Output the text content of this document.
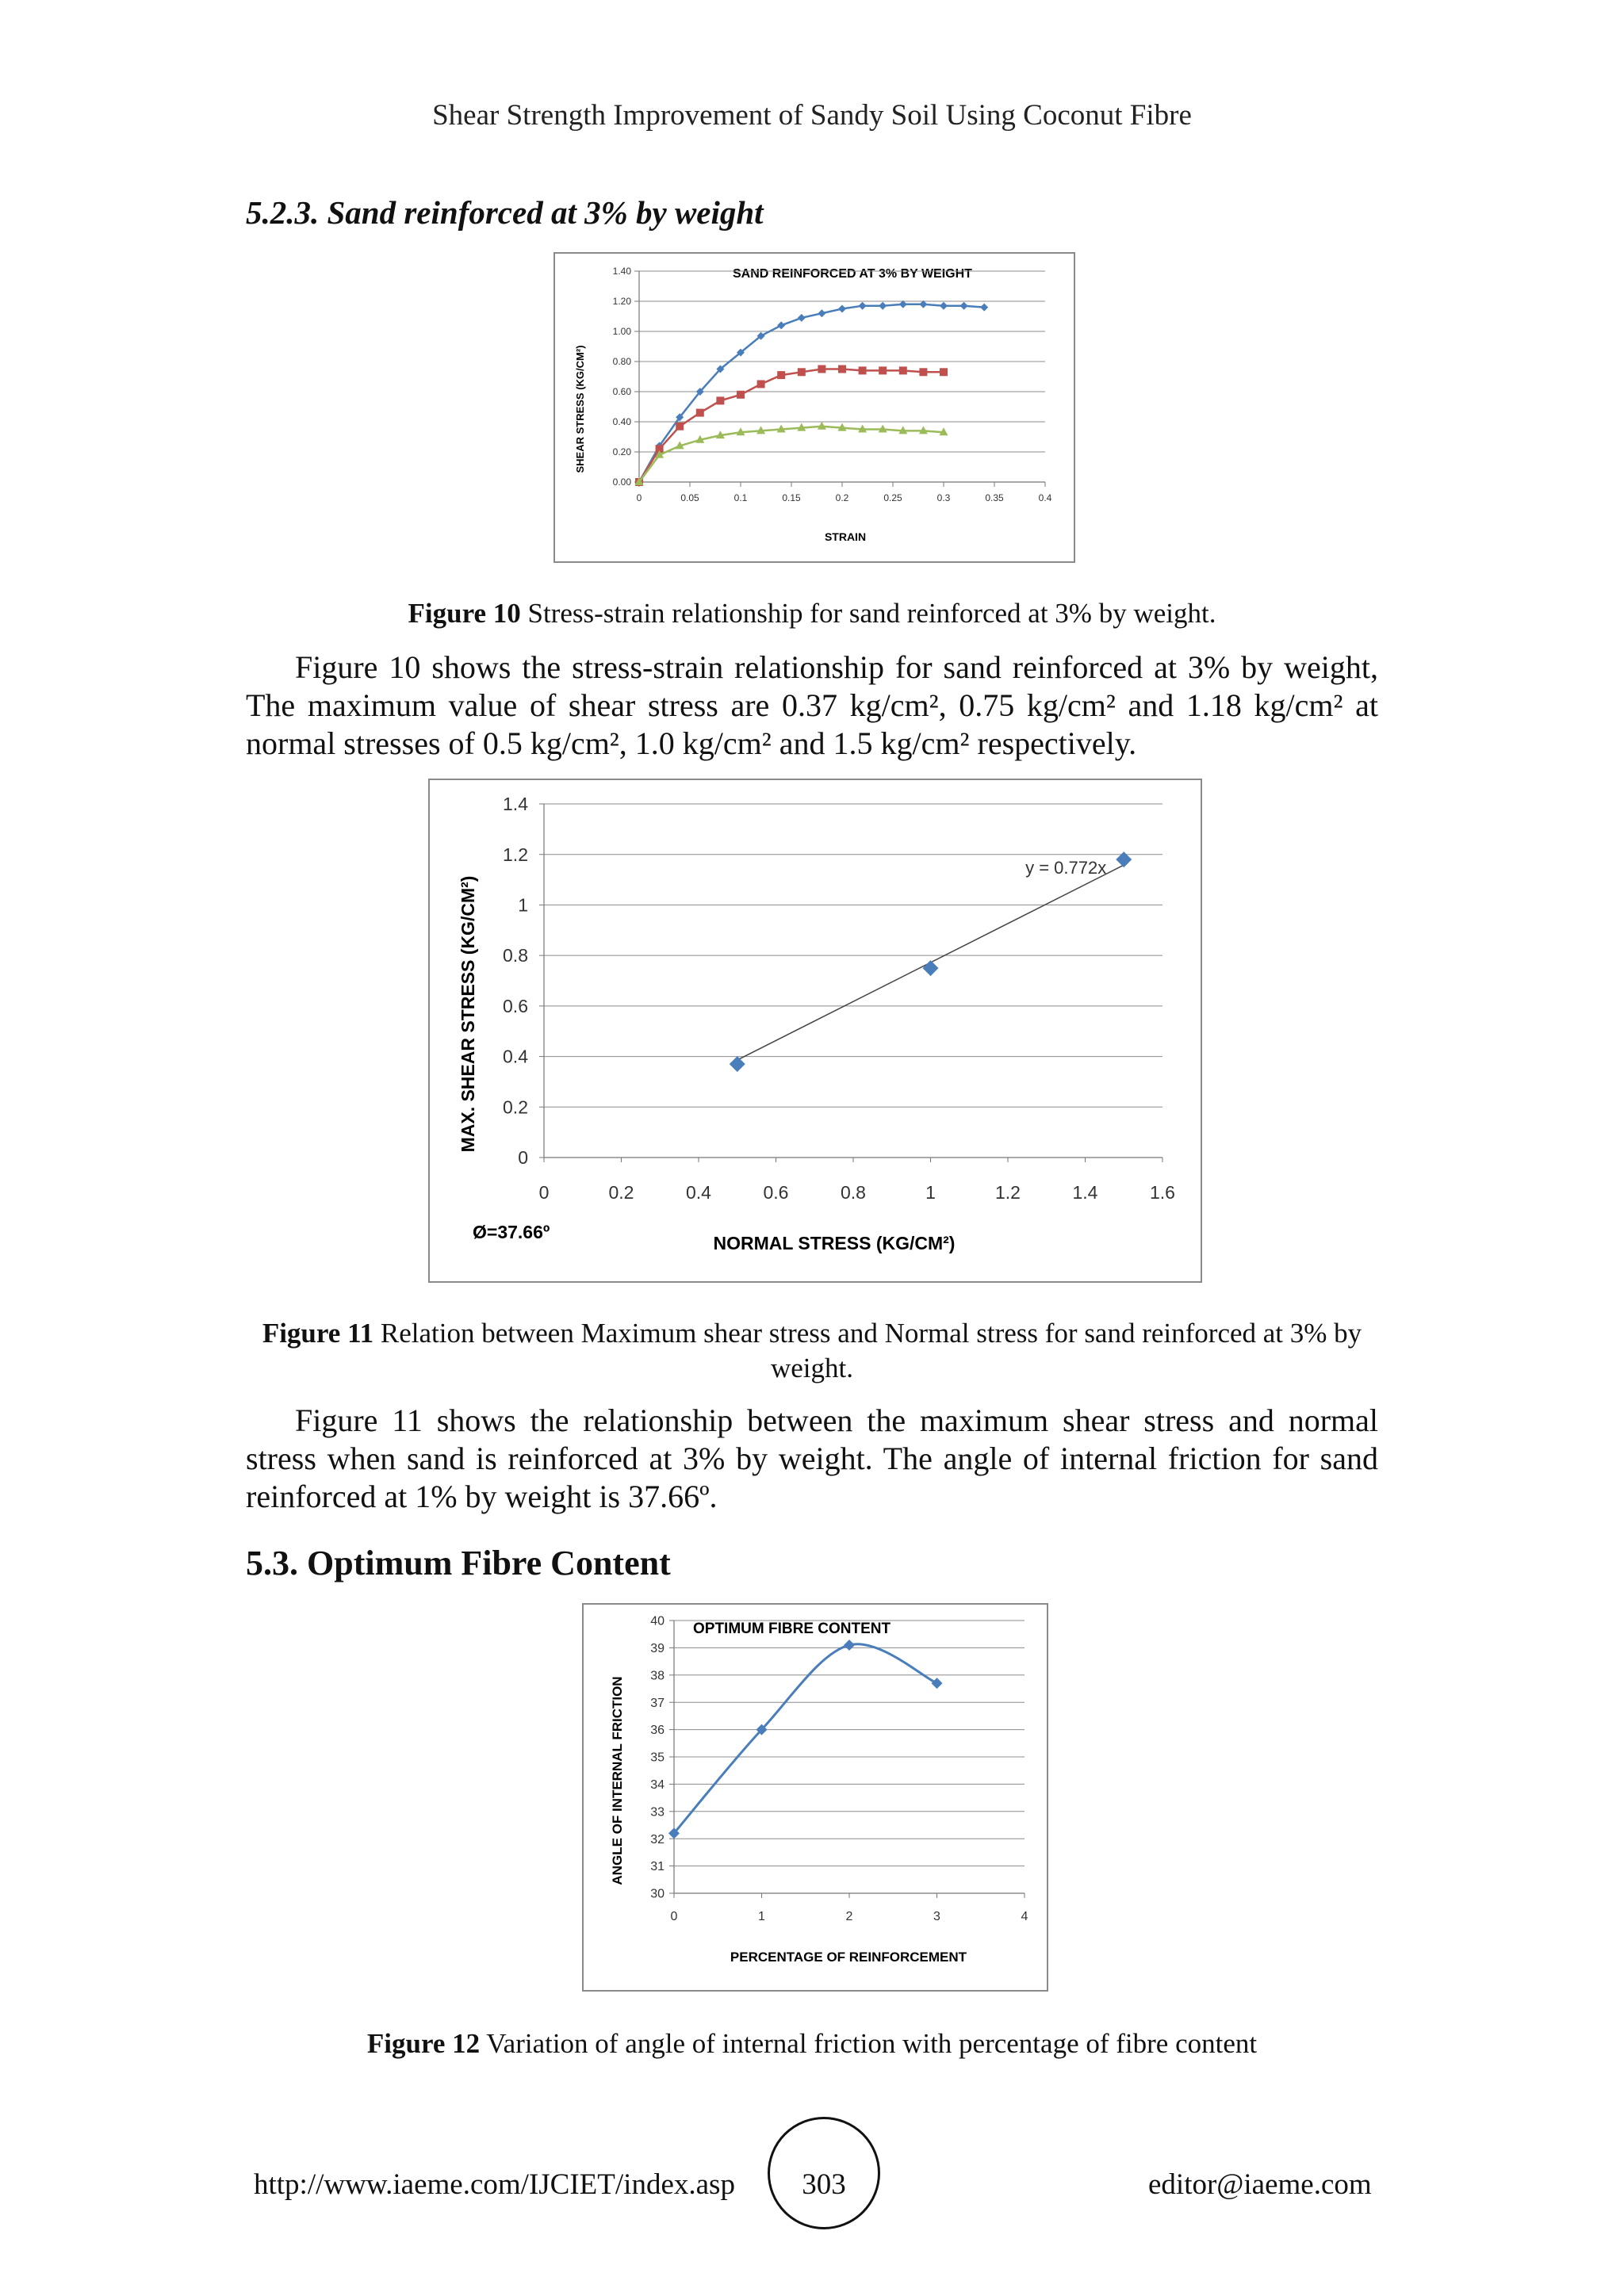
Shear Strength Improvement of Sandy Soil Using Coconut Fibre
5.2.3. Sand reinforced at 3% by weight
SAND REINFORCED AT 3% BY WEIGHT
STRAIN
SHEAR STRESS (KG/CM²)
0.00
0.20
0.40
0.60
0.80
1.00
1.20
1.40
0	0.05	0.1	0.15	0.2	0.25	0.3	0.35	0.4
Figure 10 Stress-strain relationship for sand reinforced at 3% by weight.
Figure 10 shows the stress-strain relationship for sand reinforced at 3% by weight, The maximum value of shear stress are 0.37 kg/cm², 0.75 kg/cm² and 1.18 kg/cm² at normal stresses of 0.5 kg/cm², 1.0 kg/cm² and 1.5 kg/cm² respectively.
NORMAL STRESS (KG/CM²)
MAX. SHEAR STRESS (KG/CM²)
Ø=37.66º
0
0.2
0.4
0.6
0.8
1
1.2
1.4
0	0.2	0.4	0.6	0.8	1	1.2	1.4	1.6
y = 0.772x
Figure 11 Relation between Maximum shear stress and Normal stress for sand reinforced at 3% by weight.
Figure 11 shows the relationship between the maximum shear stress and normal stress when sand is reinforced at 3% by weight. The angle of internal friction for sand reinforced at 1% by weight is 37.66º.
5.3. Optimum Fibre Content
OPTIMUM FIBRE CONTENT
PERCENTAGE OF REINFORCEMENT
ANGLE OF INTERNAL FRICTION
30
31
32
33
34
35
36
37
38
39
40
0	1	2	3	4
Figure 12 Variation of angle of internal friction with percentage of fibre content
http://www.iaeme.com/IJCIET/index.asp	303	editor@iaeme.com
